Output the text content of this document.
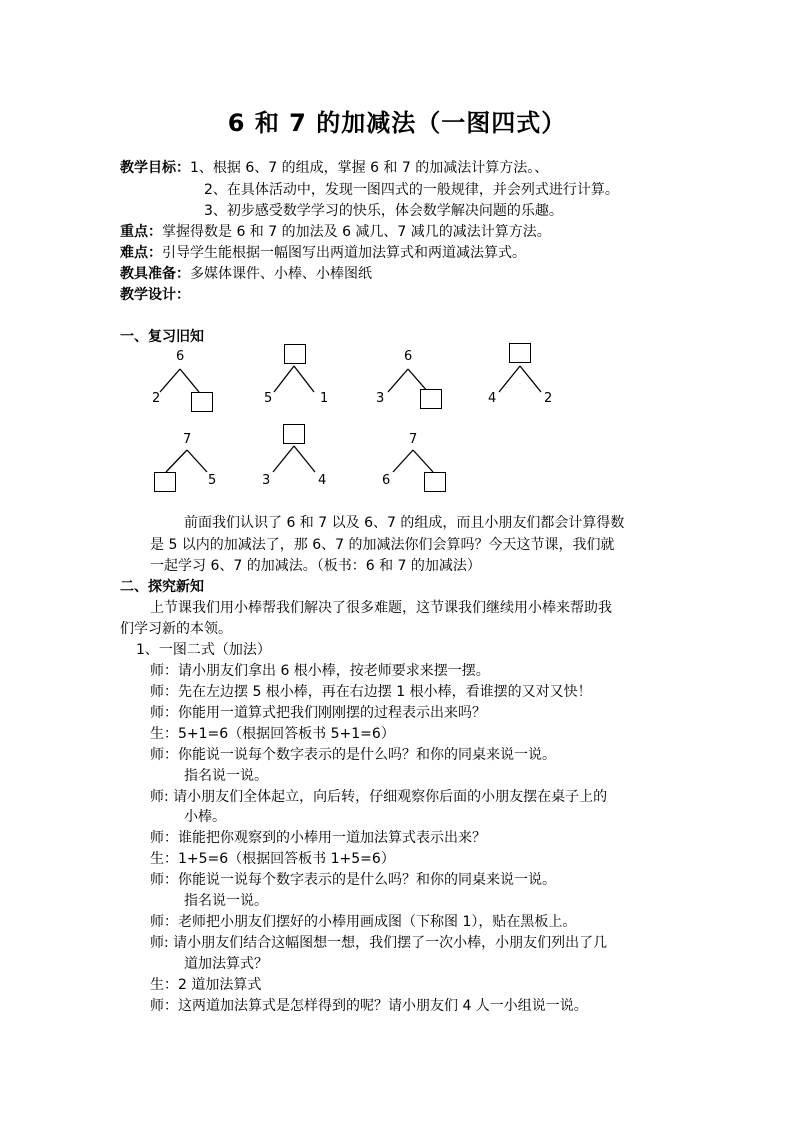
6 和 7 的加减法（一图四式）
教学目标：1、根据 6、7 的组成，掌握 6 和 7 的加减法计算方法。、
2、在具体活动中，发现一图四式的一般规律，并会列式进行计算。
3、初步感受数学学习的快乐，体会数学解决问题的乐趣。
重点：掌握得数是 6 和 7 的加法及 6 减几、7 减几的减法计算方法。
难点：引导学生能根据一幅图写出两道加法算式和两道减法算式。
教具准备：多媒体课件、小棒、小棒图纸
教学设计：
一、复习旧知
6
2	5	1
6
3	4	2
7
5	3	4
7
6
前面我们认识了 6 和 7 以及 6、7 的组成，而且小朋友们都会计算得数
是 5 以内的加减法了，那 6、7 的加减法你们会算吗？今天这节课，我们就
一起学习 6、7 的加减法。（板书：6 和 7 的加减法）
二、探究新知
上节课我们用小棒帮我们解决了很多难题，这节课我们继续用小棒来帮助我
们学习新的本领。
1、一图二式（加法）
师：请小朋友们拿出 6 根小棒，按老师要求来摆一摆。
师：先在左边摆 5 根小棒，再在右边摆 1 根小棒，看谁摆的又对又快！
师：你能用一道算式把我们刚刚摆的过程表示出来吗？
生：5+1=6（根据回答板书 5+1=6）
师：你能说一说每个数字表示的是什么吗？和你的同桌来说一说。
指名说一说。
师: 请小朋友们全体起立，向后转，仔细观察你后面的小朋友摆在桌子上的
小棒。
师：谁能把你观察到的小棒用一道加法算式表示出来？
生：1+5=6（根据回答板书 1+5=6）
师：你能说一说每个数字表示的是什么吗？和你的同桌来说一说。
指名说一说。
师：老师把小朋友们摆好的小棒用画成图（下称图 1），贴在黑板上。
师: 请小朋友们结合这幅图想一想，我们摆了一次小棒，小朋友们列出了几
道加法算式？
生：2 道加法算式
师：这两道加法算式是怎样得到的呢？请小朋友们 4 人一小组说一说。
